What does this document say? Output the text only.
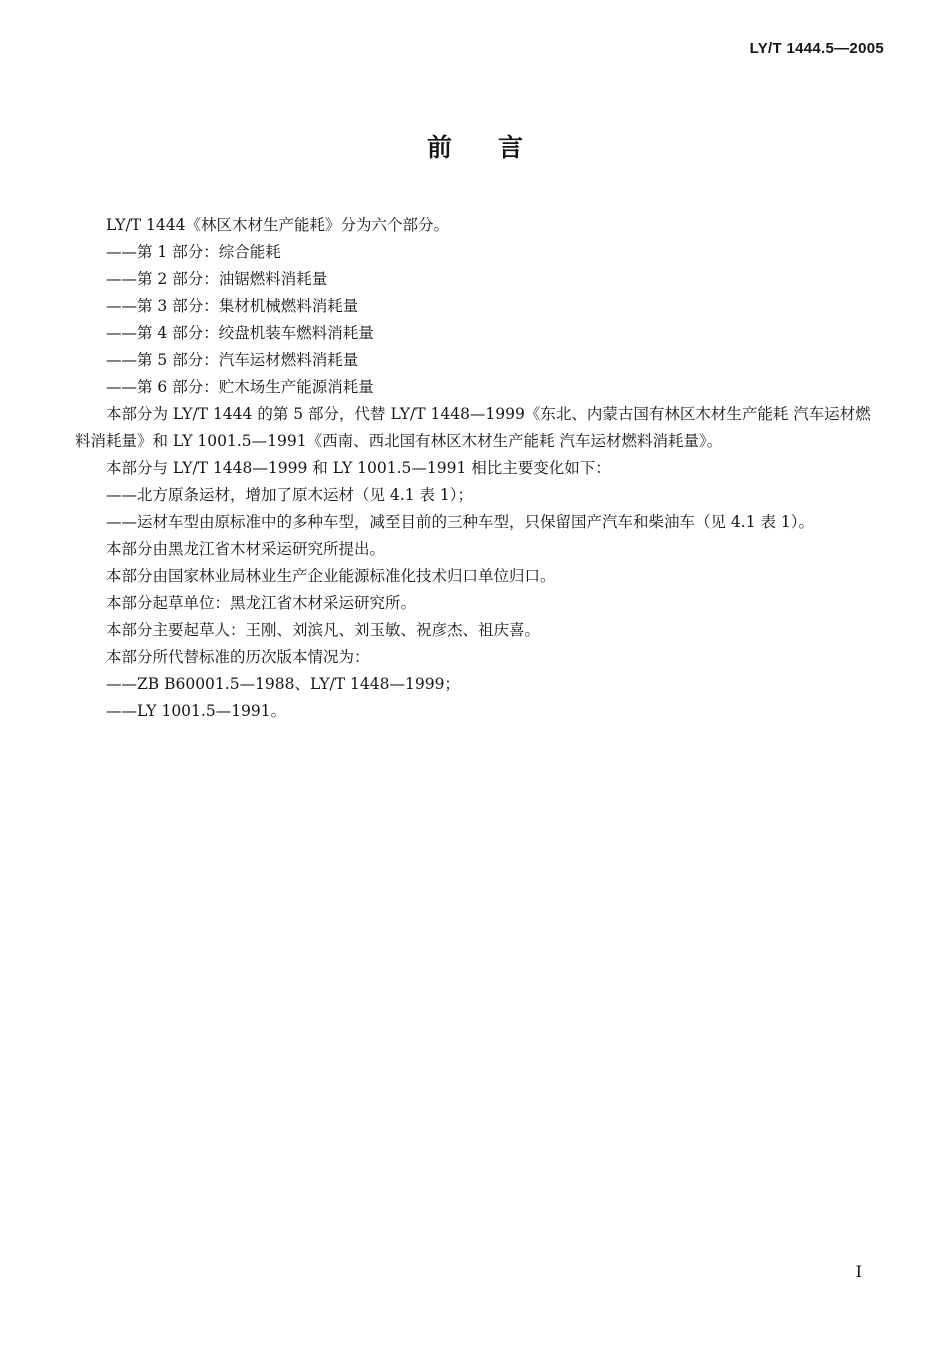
LY/T 1444.5—2005
前言

LY/T 1444《林区木材生产能耗》分为六个部分。

——第 1 部分：综合能耗

——第 2 部分：油锯燃料消耗量

——第 3 部分：集材机械燃料消耗量

——第 4 部分：绞盘机装车燃料消耗量

——第 5 部分：汽车运材燃料消耗量

——第 6 部分：贮木场生产能源消耗量

本部分为 LY/T 1444 的第 5 部分，代替 LY/T 1448—1999《东北、内蒙古国有林区木材生产能耗 汽车运材燃料消耗量》和 LY 1001.5—1991《西南、西北国有林区木材生产能耗 汽车运材燃料消耗量》。

本部分与 LY/T 1448—1999 和 LY 1001.5—1991 相比主要变化如下：

——北方原条运材，增加了原木运材（见 4.1 表 1）；

——运材车型由原标准中的多种车型，减至目前的三种车型，只保留国产汽车和柴油车（见 4.1 表 1）。

本部分由黑龙江省木材采运研究所提出。

本部分由国家林业局林业生产企业能源标准化技术归口单位归口。

本部分起草单位：黑龙江省木材采运研究所。

本部分主要起草人：王刚、刘滨凡、刘玉敏、祝彦杰、祖庆喜。

本部分所代替标准的历次版本情况为：

——ZB B60001.5—1988、LY/T 1448—1999；

——LY 1001.5—1991。

I
